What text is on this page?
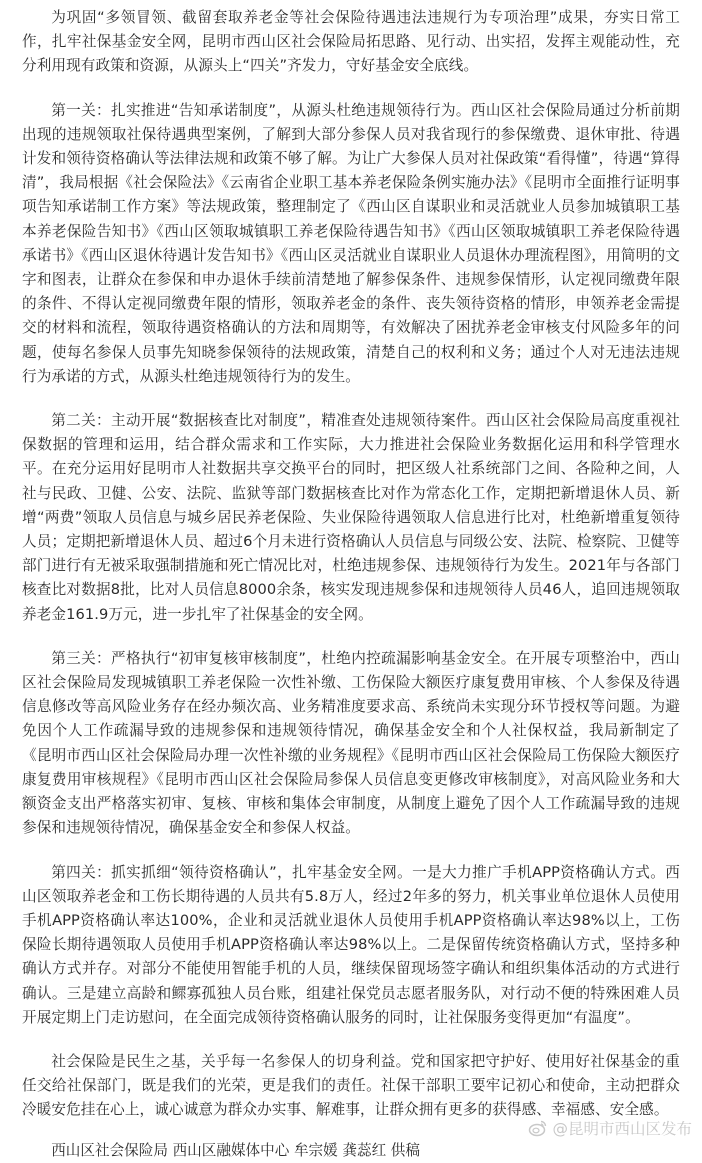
为巩固“多领冒领、截留套取养老金等社会保险待遇违法违规行为专项治理”成果，夯实日常工作，扎牢社保基金安全网，昆明市西山区社会保险局拓思路、见行动、出实招，发挥主观能动性，充分利用现有政策和资源，从源头上“四关”齐发力，守好基金安全底线。

第一关：扎实推进“告知承诺制度”，从源头杜绝违规领待行为。西山区社会保险局通过分析前期出现的违规领取社保待遇典型案例，了解到大部分参保人员对我省现行的参保缴费、退休审批、待遇计发和领待资格确认等法律法规和政策不够了解。为让广大参保人员对社保政策“看得懂”，待遇“算得清”，我局根据《社会保险法》《云南省企业职工基本养老保险条例实施办法》《昆明市全面推行证明事项告知承诺制工作方案》等法规政策，整理制定了《西山区自谋职业和灵活就业人员参加城镇职工基本养老保险告知书》《西山区领取城镇职工养老保险待遇告知书》《西山区领取城镇职工养老保险待遇承诺书》《西山区退休待遇计发告知书》《西山区灵活就业自谋职业人员退休办理流程图》，用简明的文字和图表，让群众在参保和申办退休手续前清楚地了解参保条件、违规参保情形，认定视同缴费年限的条件、不得认定视同缴费年限的情形，领取养老金的条件、丧失领待资格的情形，申领养老金需提交的材料和流程，领取待遇资格确认的方法和周期等，有效解决了困扰养老金审核支付风险多年的问题，使每名参保人员事先知晓参保领待的法规政策，清楚自己的权利和义务；通过个人对无违法违规行为承诺的方式，从源头杜绝违规领待行为的发生。

第二关：主动开展“数据核查比对制度”，精准查处违规领待案件。西山区社会保险局高度重视社保数据的管理和运用，结合群众需求和工作实际，大力推进社会保险业务数据化运用和科学管理水平。在充分运用好昆明市人社数据共享交换平台的同时，把区级人社系统部门之间、各险种之间，人社与民政、卫健、公安、法院、监狱等部门数据核查比对作为常态化工作，定期把新增退休人员、新增“两费”领取人员信息与城乡居民养老保险、失业保险待遇领取人信息进行比对，杜绝新增重复领待人员；定期把新增退休人员、超过6个月未进行资格确认人员信息与同级公安、法院、检察院、卫健等部门进行有无被采取强制措施和死亡情况比对，杜绝违规参保、违规领待行为发生。2021年与各部门核查比对数据8批，比对人员信息8000余条，核实发现违规参保和违规领待人员46人，追回违规领取养老金161.9万元，进一步扎牢了社保基金的安全网。

第三关：严格执行“初审复核审核制度”，杜绝内控疏漏影响基金安全。在开展专项整治中，西山区社会保险局发现城镇职工养老保险一次性补缴、工伤保险大额医疗康复费用审核、个人参保及待遇信息修改等高风险业务存在经办频次高、业务精准度要求高、系统尚未实现分环节授权等问题。为避免因个人工作疏漏导致的违规参保和违规领待情况，确保基金安全和个人社保权益，我局新制定了《昆明市西山区社会保险局办理一次性补缴的业务规程》《昆明市西山区社会保险局工伤保险大额医疗康复费用审核规程》《昆明市西山区社会保险局参保人员信息变更修改审核制度》，对高风险业务和大额资金支出严格落实初审、复核、审核和集体会审制度，从制度上避免了因个人工作疏漏导致的违规参保和违规领待情况，确保基金安全和参保人权益。

第四关：抓实抓细“领待资格确认”，扎牢基金安全网。一是大力推广手机APP资格确认方式。西山区领取养老金和工伤长期待遇的人员共有5.8万人，经过2年多的努力，机关事业单位退休人员使用手机APP资格确认率达100%，企业和灵活就业退休人员使用手机APP资格确认率达98%以上，工伤保险长期待遇领取人员使用手机APP资格确认率达98%以上。二是保留传统资格确认方式，坚持多种确认方式并存。对部分不能使用智能手机的人员，继续保留现场签字确认和组织集体活动的方式进行确认。三是建立高龄和鳏寡孤独人员台账，组建社保党员志愿者服务队，对行动不便的特殊困难人员开展定期上门走访慰问，在全面完成领待资格确认服务的同时，让社保服务变得更加“有温度”。

社会保险是民生之基，关乎每一名参保人的切身利益。党和国家把守护好、使用好社保基金的重任交给社保部门，既是我们的光荣，更是我们的责任。社保干部职工要牢记初心和使命，主动把群众冷暖安危挂在心上，诚心诚意为群众办实事、解难事，让群众拥有更多的获得感、幸福感、安全感。

西山区社会保险局 西山区融媒体中心 牟宗媛 龚蕊红 供稿
@昆明市西山区发布
